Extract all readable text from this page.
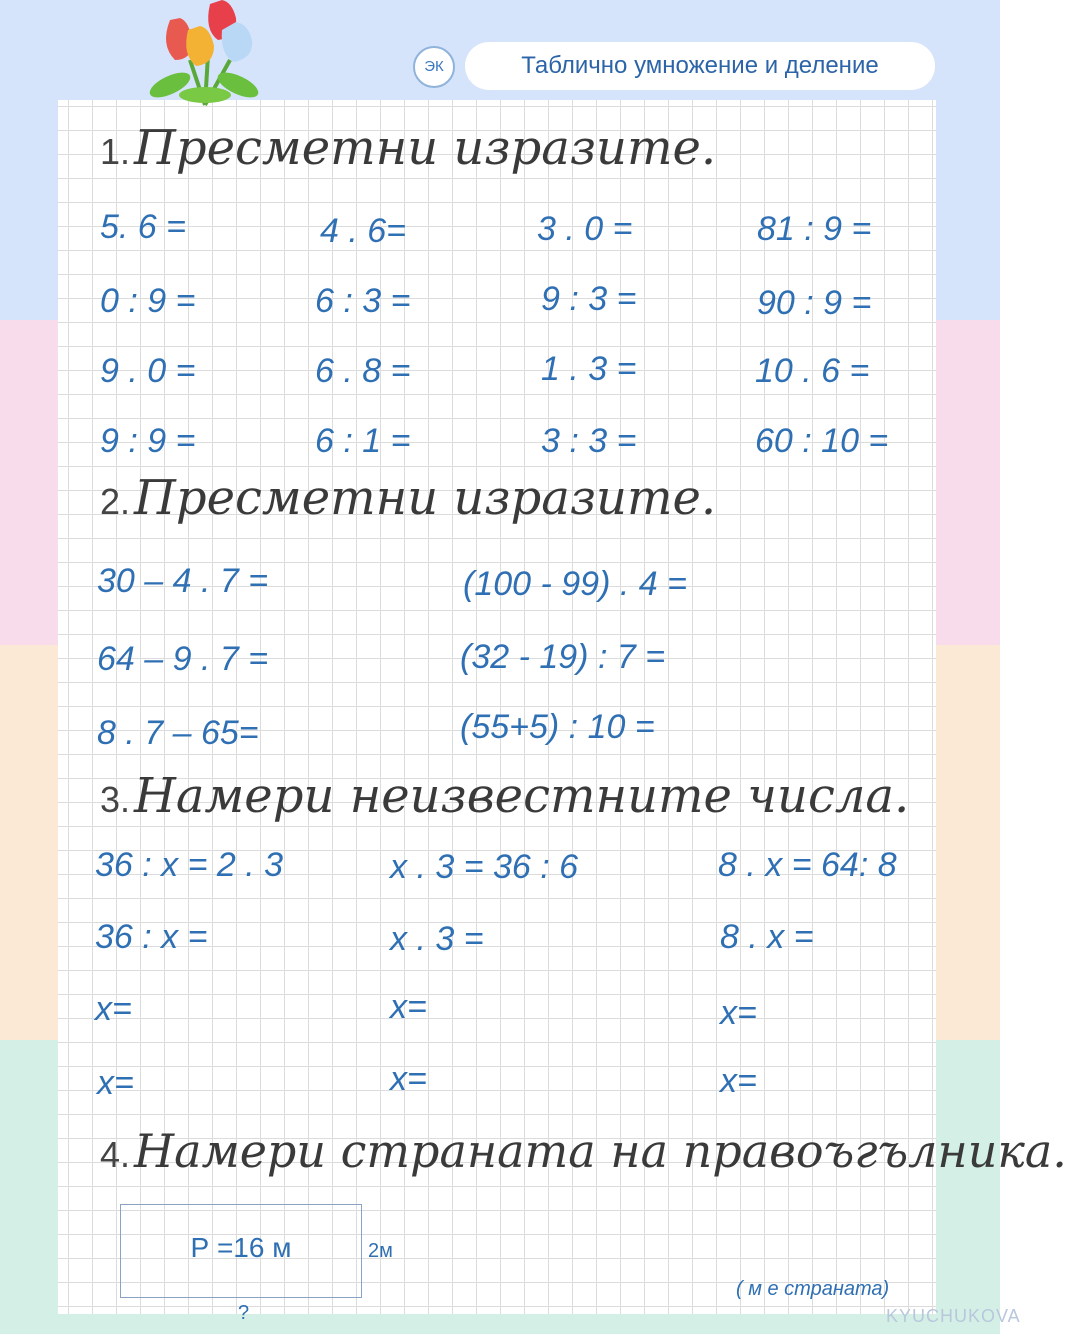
ЭК	Таблично умножение и деление
1.Пресметни изразите.
5. 6 =	4 . 6=	3 . 0 =	81 : 9 =
0 : 9 =	6 : 3 =	9 : 3 =	90 : 9 =
9 . 0 =	6 . 8 =	1 . 3 =	10 . 6 =
9 : 9 =	6 : 1 =	3 : 3 =	60 : 10 =
2.Пресметни изразите.
30 – 4 . 7 =	(100 - 99) . 4 =
64 – 9 . 7 =	(32 - 19) : 7 =
8 . 7 – 65=	(55+5) : 10 =
3.Намери неизвестните числа.
36 : x = 2 . 3	x . 3 = 36 : 6	8 . x = 64: 8
36 : x =	x . 3 =	8 . x =
x=	x=	x=
x=	x=	x=
4.Намери страната на правоъгълника.
Р =16 м	2м
?
( м е страната)
KYUCHUKOVA
